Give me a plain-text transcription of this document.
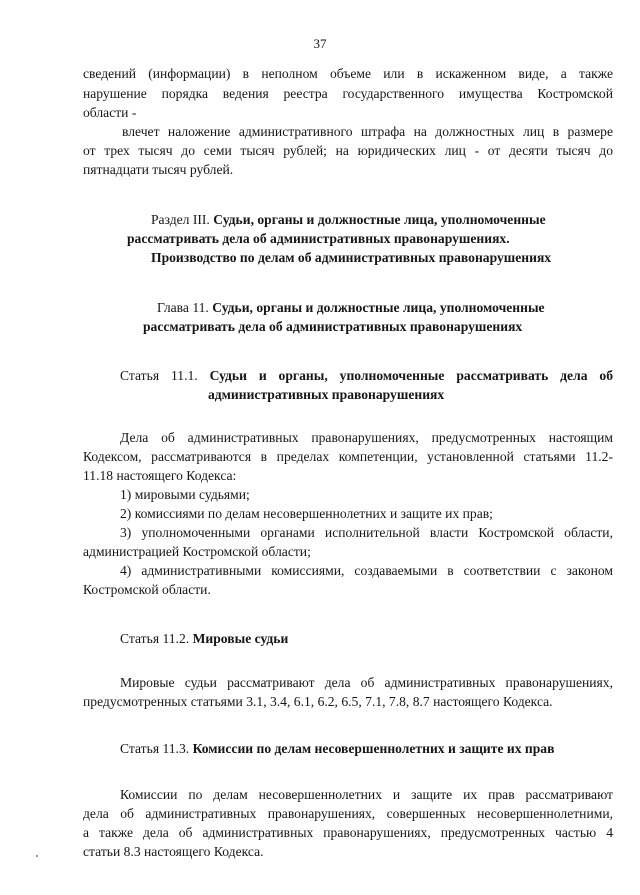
37
сведений (информации) в неполном объеме или в искаженном виде, а также
нарушение порядка ведения реестра государственного имущества Костромской
области -
влечет наложение административного штрафа на должностных лиц в размере
от трех тысяч до семи тысяч рублей; на юридических лиц - от десяти тысяч до
пятнадцати тысяч рублей.
Раздел III. Судьи, органы и должностные лица, уполномоченные
рассматривать дела об административных правонарушениях.
Производство по делам об административных правонарушениях
Глава 11. Судьи, органы и должностные лица, уполномоченные
рассматривать дела об административных правонарушениях
Статья 11.1. Судьи и органы, уполномоченные рассматривать дела об
административных правонарушениях
Дела об административных правонарушениях, предусмотренных настоящим
Кодексом, рассматриваются в пределах компетенции, установленной статьями 11.2-
11.18 настоящего Кодекса:
1) мировыми судьями;
2) комиссиями по делам несовершеннолетних и защите их прав;
3) уполномоченными органами исполнительной власти Костромской области,
администрацией Костромской области;
4) административными комиссиями, создаваемыми в соответствии с законом
Костромской области.
Статья 11.2. Мировые судьи
Мировые судьи рассматривают дела об административных правонарушениях,
предусмотренных статьями 3.1, 3.4, 6.1, 6.2, 6.5, 7.1, 7.8, 8.7 настоящего Кодекса.
Статья 11.3. Комиссии по делам несовершеннолетних и защите их прав
Комиссии по делам несовершеннолетних и защите их прав рассматривают
дела об административных правонарушениях, совершенных несовершеннолетними,
а также дела об административных правонарушениях, предусмотренных частью 4
статьи 8.3 настоящего Кодекса.
